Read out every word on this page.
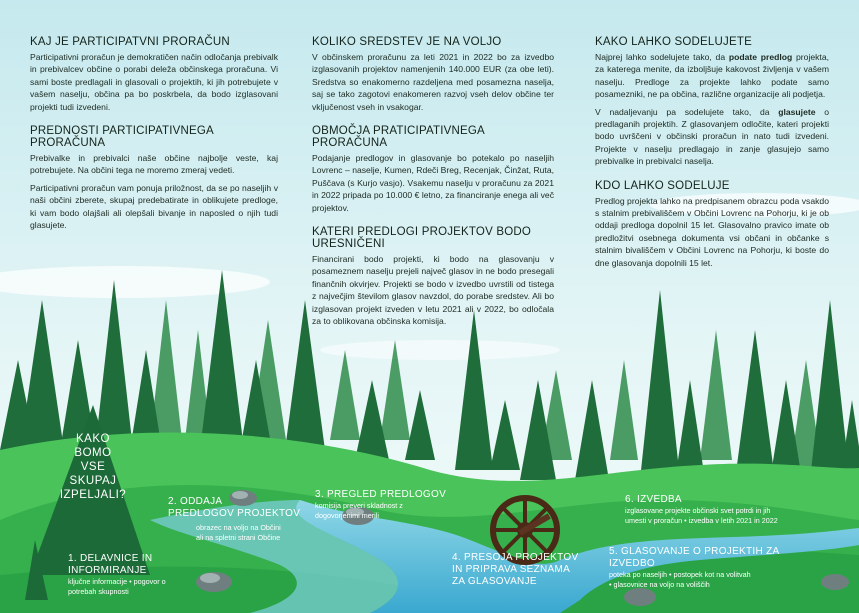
KAJ JE PARTICIPATVNI PRORAČUN

Participativni proračun je demokratičen način odločanja prebivalk in prebivalcev občine o porabi deleža občinskega proračuna. Vi sami boste predlagali in glasovali o projektih, ki jih potrebujete v vašem naselju, občina pa bo poskrbela, da bodo izglasovani projekti tudi izvedeni.

PREDNOSTI PARTICIPATIVNEGA PRORAČUNA

Prebivalke in prebivalci naše občine najbolje veste, kaj potrebujete. Na občini tega ne moremo zmeraj vedeti.

Participativni proračun vam ponuja priložnost, da se po naseljih v naši občini zberete, skupaj predebatirate in oblikujete predloge, ki vam bodo olajšali ali olepšali bivanje in naposled o njih tudi glasujete.

KOLIKO SREDSTEV JE NA VOLJO

V občinskem proračunu za leti 2021 in 2022 bo za izvedbo izglasovanih projektov namenjenih 140.000 EUR (za obe leti). Sredstva so enakomerno razdeljena med posamezna naselja, saj se tako zagotovi enakomeren razvoj vseh delov občine ter vključenost vseh in vsakogar.

OBMOČJA PRATICIPATIVNEGA PRORAČUNA

Podajanje predlogov in glasovanje bo potekalo po naseljih Lovrenc – naselje, Kumen, Rdeči Breg, Recenjak, Činžat, Ruta, Puščava (s Kurjo vasjo). Vsakemu naselju v proračunu za 2021 in 2022 pripada po 10.000 € letno, za financiranje enega ali več projektov.

KATERI PREDLOGI PROJEKTOV BODO URESNIČENI

Financirani bodo projekti, ki bodo na glasovanju v posameznem naselju prejeli največ glasov in ne bodo presegali finančnih okvirjev. Projekti se bodo v izvedbo uvrstili od tistega z največjim številom glasov navzdol, do porabe sredstev. Ali bo izglasovan projekt izveden v letu 2021 ali v 2022, bo odločala za to oblikovana občinska komisija.

KAKO LAHKO SODELUJETE

Najprej lahko sodelujete tako, da podate predlog projekta, za katerega menite, da izboljšuje kakovost življenja v vašem naselju. Predloge za projekte lahko podate samo posamezniki, ne pa občina, različne organizacije ali podjetja.

V nadaljevanju pa sodelujete tako, da glasujete o predlaganih projektih. Z glasovanjem odločite, kateri projekti bodo uvrščeni v občinski proračun in nato tudi izvedeni. Projekte v naselju predlagajo in zanje glasujejo samo prebivalke in prebivalci naselja.

KDO LAHKO SODELUJE

Predlog projekta lahko na predpisanem obrazcu poda vsakdo s stalnim prebivališčem v Občini Lovrenc na Pohorju, ki je ob oddaji predloga dopolnil 15 let. Glasovalno pravico imate ob predložitvi osebnega dokumenta vsi občani in občanke s stalnim bivališčem v Občini Lovrenc na Pohorju, ki boste do dne glasovanja dopolnili 15 let.

KAKO
BOMO
VSE
SKUPAJ
IZPELJALI?
1. DELAVNICE IN INFORMIRANJE
ključne informacije • pogovor o
potrebah skupnosti
2. ODDAJA
PREDLOGOV PROJEKTOV
obrazec na voljo na Občini
ali na spletni strani Občine
3. PREGLED PREDLOGOV
komisija preveri skladnost z
dogovorjenimi merili
4. PRESOJA PROJEKTOV
IN PRIPRAVA SEZNAMA
ZA GLASOVANJE
5. GLASOVANJE O PROJEKTIH ZA IZVEDBO
poteka po naseljih • postopek kot na volitvah
• glasovnice na voljo na voliščih
6. IZVEDBA
izglasovane projekte občinski svet potrdi in jih
umesti v proračun • izvedba v letih 2021 in 2022
